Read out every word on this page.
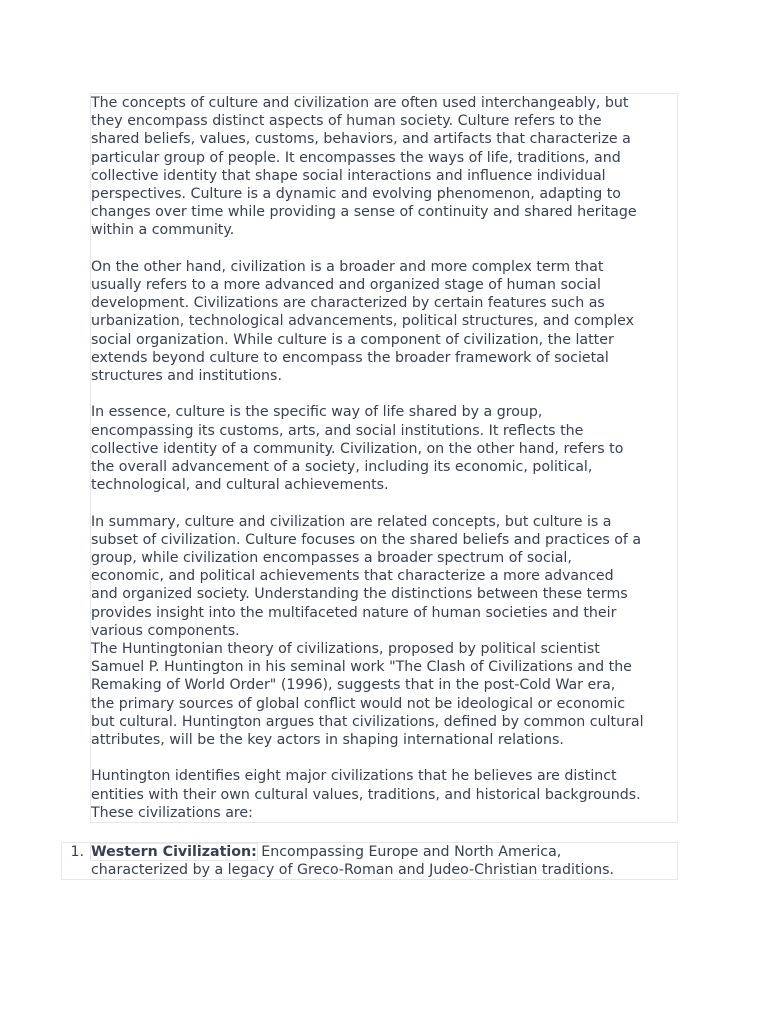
The concepts of culture and civilization are often used interchangeably, but
they encompass distinct aspects of human society. Culture refers to the
shared beliefs, values, customs, behaviors, and artifacts that characterize a
particular group of people. It encompasses the ways of life, traditions, and
collective identity that shape social interactions and influence individual
perspectives. Culture is a dynamic and evolving phenomenon, adapting to
changes over time while providing a sense of continuity and shared heritage
within a community.

On the other hand, civilization is a broader and more complex term that
usually refers to a more advanced and organized stage of human social
development. Civilizations are characterized by certain features such as
urbanization, technological advancements, political structures, and complex
social organization. While culture is a component of civilization, the latter
extends beyond culture to encompass the broader framework of societal
structures and institutions.

In essence, culture is the specific way of life shared by a group,
encompassing its customs, arts, and social institutions. It reflects the
collective identity of a community. Civilization, on the other hand, refers to
the overall advancement of a society, including its economic, political,
technological, and cultural achievements.

In summary, culture and civilization are related concepts, but culture is a
subset of civilization. Culture focuses on the shared beliefs and practices of a
group, while civilization encompasses a broader spectrum of social,
economic, and political achievements that characterize a more advanced
and organized society. Understanding the distinctions between these terms
provides insight into the multifaceted nature of human societies and their
various components.

The Huntingtonian theory of civilizations, proposed by political scientist
Samuel P. Huntington in his seminal work "The Clash of Civilizations and the
Remaking of World Order" (1996), suggests that in the post-Cold War era,
the primary sources of global conflict would not be ideological or economic
but cultural. Huntington argues that civilizations, defined by common cultural
attributes, will be the key actors in shaping international relations.

Huntington identifies eight major civilizations that he believes are distinct
entities with their own cultural values, traditions, and historical backgrounds.
These civilizations are:

1. Western Civilization: Encompassing Europe and North America,
characterized by a legacy of Greco-Roman and Judeo-Christian traditions.
